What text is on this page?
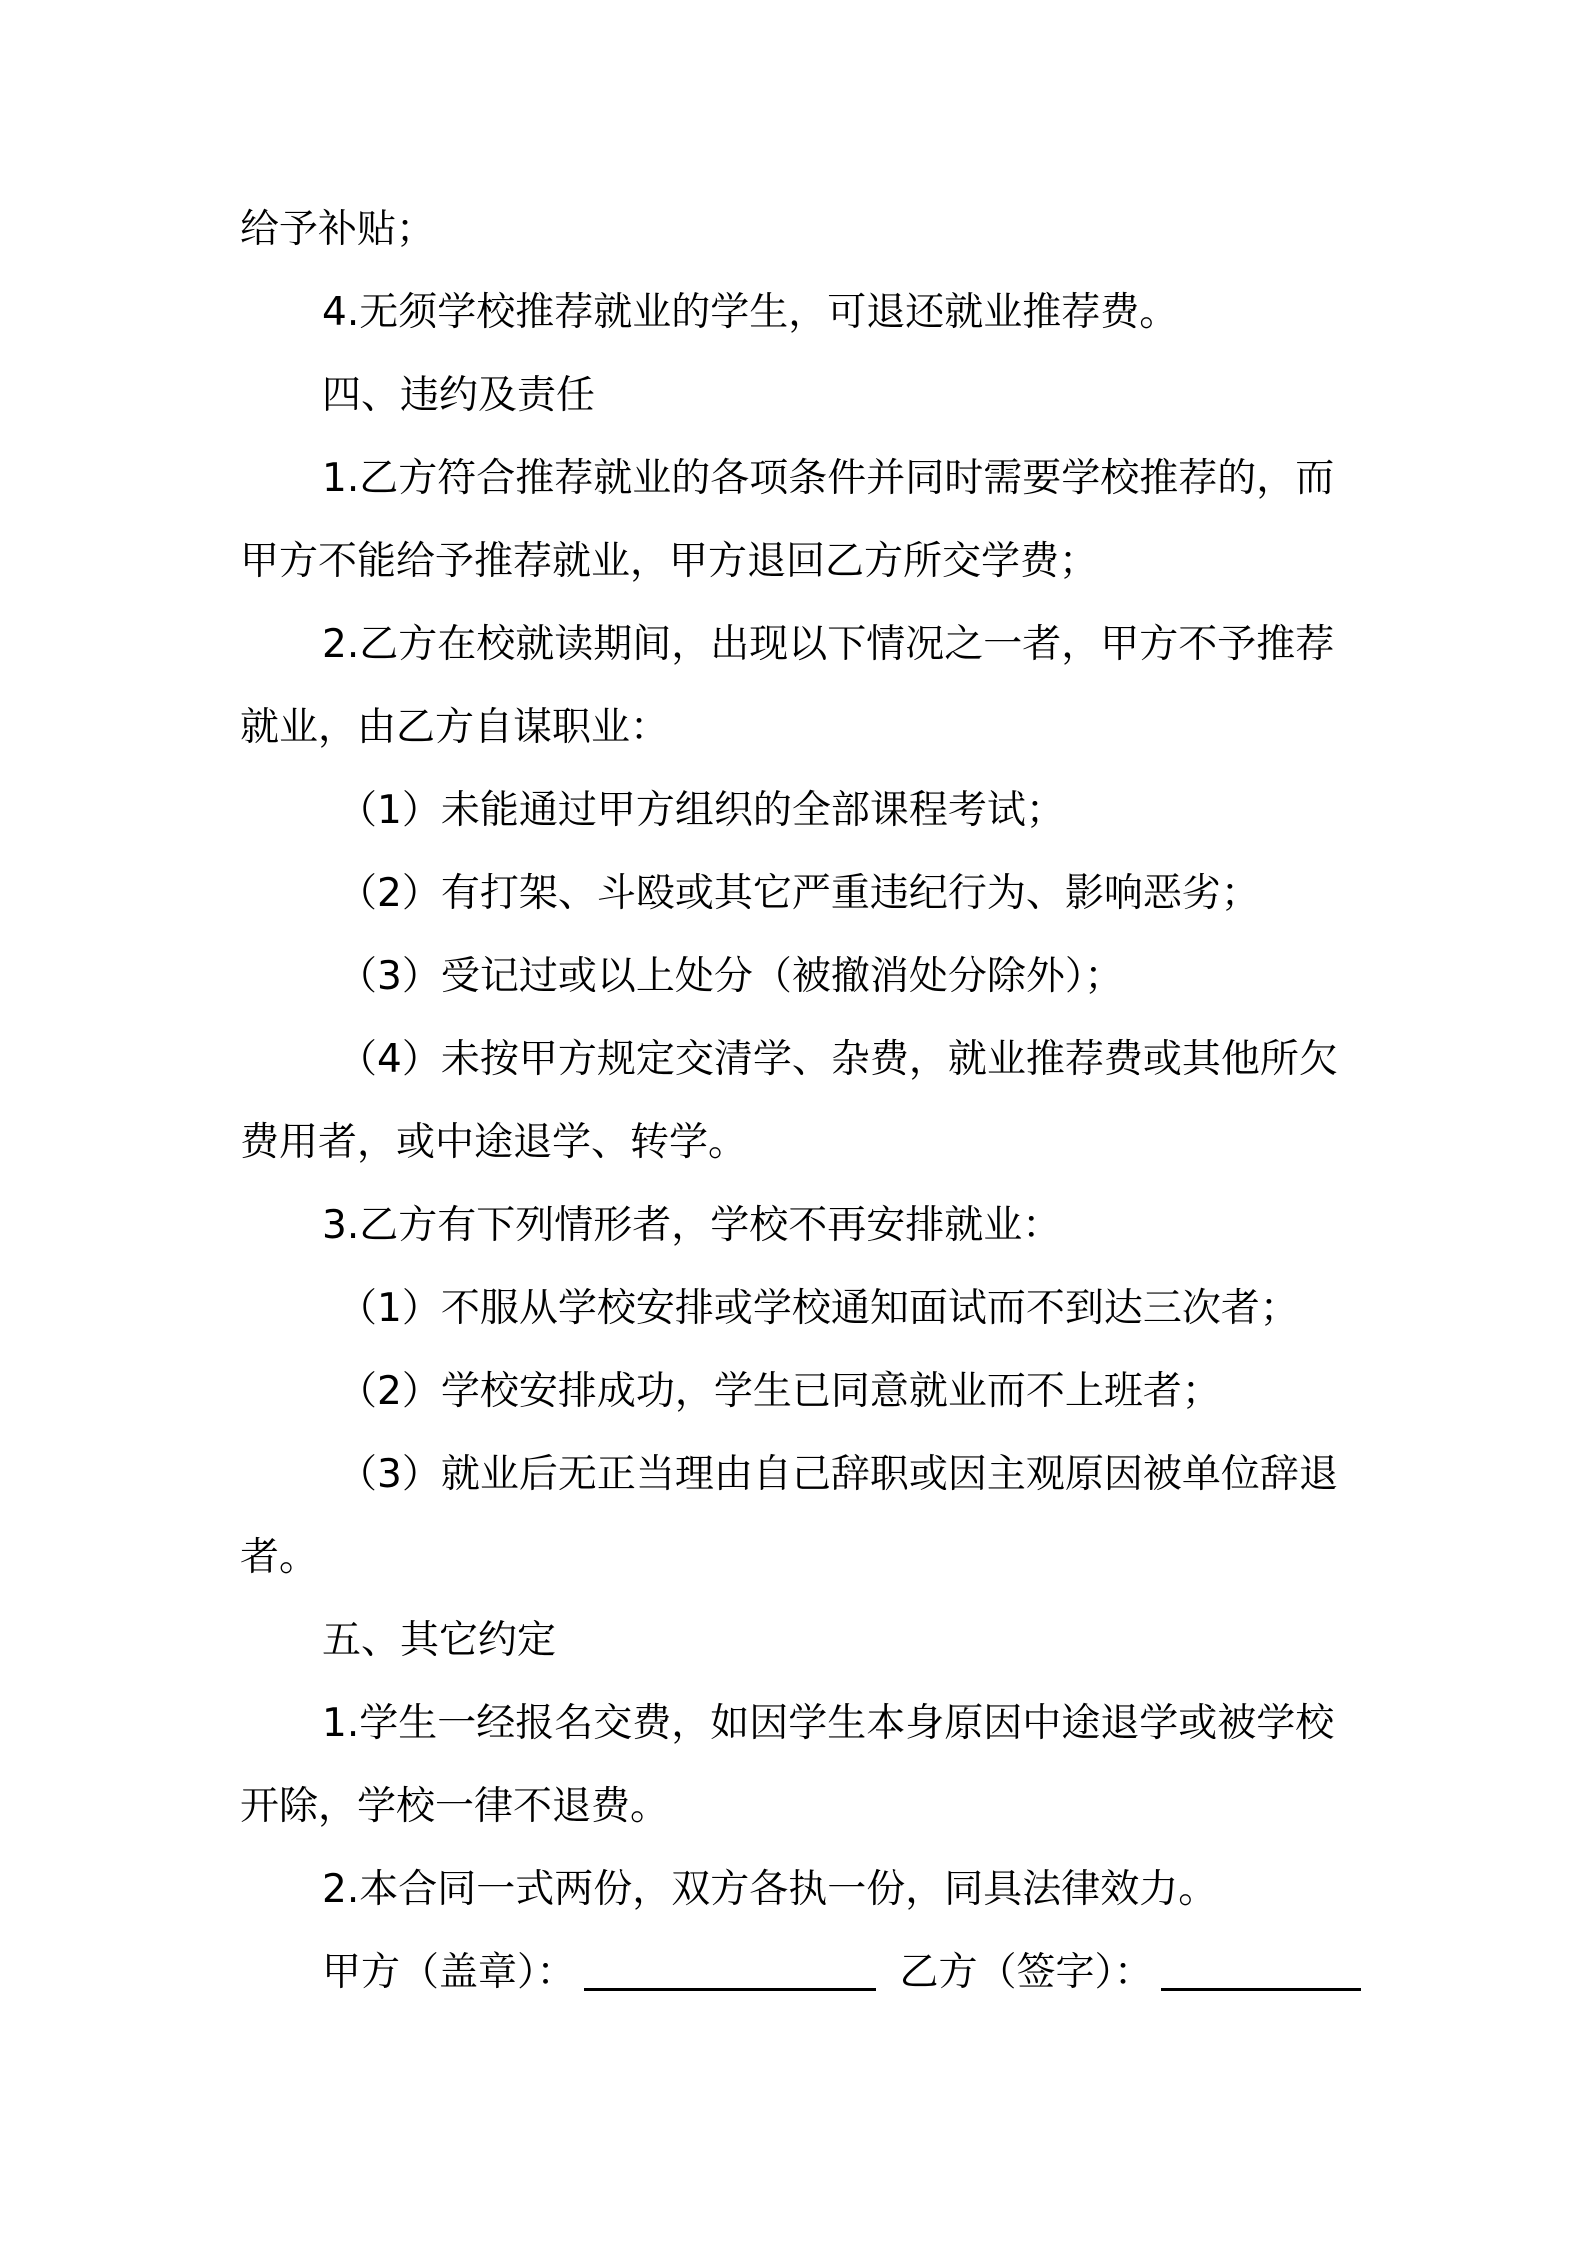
给予补贴；

4.无须学校推荐就业的学生，可退还就业推荐费。

四、违约及责任

1.乙方符合推荐就业的各项条件并同时需要学校推荐的，而

甲方不能给予推荐就业，甲方退回乙方所交学费；

2.乙方在校就读期间，出现以下情况之一者，甲方不予推荐

就业，由乙方自谋职业：

（1）未能通过甲方组织的全部课程考试；

（2）有打架、斗殴或其它严重违纪行为、影响恶劣；

（3）受记过或以上处分（被撤消处分除外）；

（4）未按甲方规定交清学、杂费，就业推荐费或其他所欠

费用者，或中途退学、转学。

3.乙方有下列情形者，学校不再安排就业：

（1）不服从学校安排或学校通知面试而不到达三次者；

（2）学校安排成功，学生已同意就业而不上班者；

（3）就业后无正当理由自己辞职或因主观原因被单位辞退

者。

五、其它约定

1.学生一经报名交费，如因学生本身原因中途退学或被学校

开除，学校一律不退费。

2.本合同一式两份，双方各执一份，同具法律效力。

甲方（盖章）：	乙方（签字）：
